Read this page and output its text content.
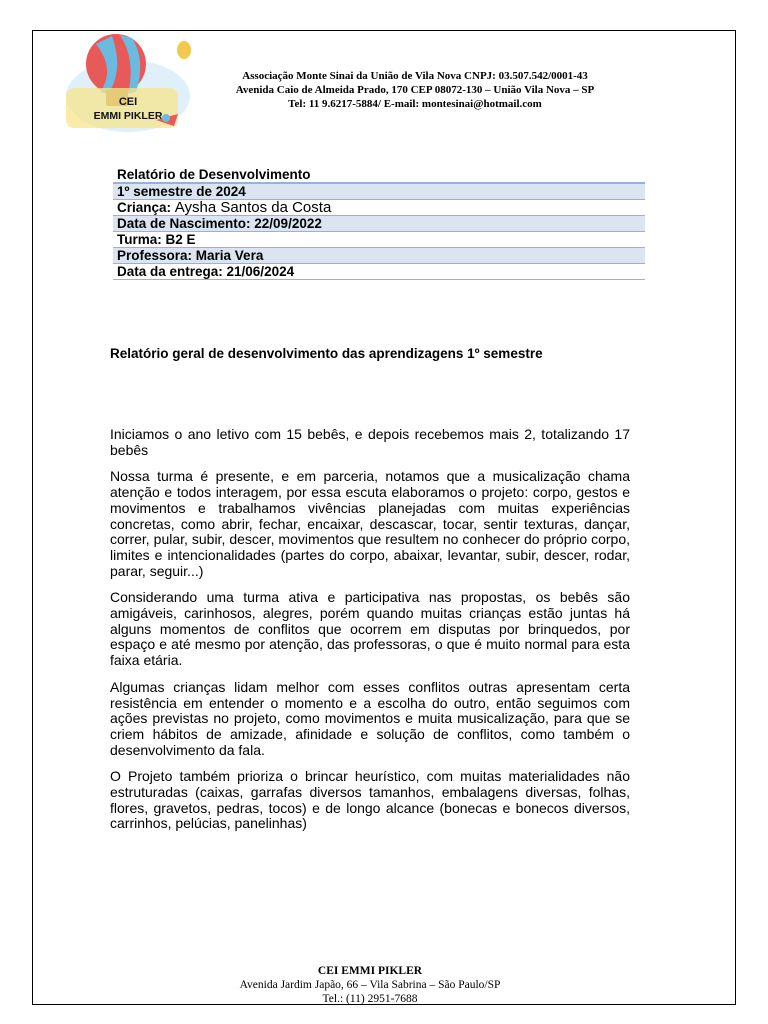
CEI
EMMI PIKLER
Associação Monte Sinai da União de Vila Nova CNPJ: 03.507.542/0001-43
Avenida Caio de Almeida Prado, 170 CEP 08072-130 – União Vila Nova – SP
Tel: 11 9.6217-5884/ E-mail: montesinai@hotmail.com
Relatório de Desenvolvimento
1º semestre de 2024
Criança: Aysha Santos da Costa
Data de Nascimento: 22/09/2022
Turma: B2 E
Professora: Maria Vera
Data da entrega: 21/06/2024
Relatório geral de desenvolvimento das aprendizagens 1º semestre

Iniciamos o ano letivo com 15 bebês, e depois recebemos mais 2, totalizando 17 bebês

Nossa turma é presente, e em parceria, notamos que a musicalização chama atenção e todos interagem, por essa escuta elaboramos o projeto: corpo, gestos e movimentos e trabalhamos vivências planejadas com muitas experiências concretas, como abrir, fechar, encaixar, descascar, tocar, sentir texturas, dançar, correr, pular, subir, descer, movimentos que resultem no conhecer do próprio corpo, limites e intencionalidades (partes do corpo, abaixar, levantar, subir, descer, rodar, parar, seguir...)

Considerando uma turma ativa e participativa nas propostas, os bebês são amigáveis, carinhosos, alegres, porém quando muitas crianças estão juntas há alguns momentos de conflitos que ocorrem em disputas por brinquedos, por espaço e até mesmo por atenção, das professoras, o que é muito normal para esta faixa etária.

Algumas crianças lidam melhor com esses conflitos outras apresentam certa resistência em entender o momento e a escolha do outro, então seguimos com ações previstas no projeto, como movimentos e muita musicalização, para que se criem hábitos de amizade, afinidade e solução de conflitos, como também o desenvolvimento da fala.

O Projeto também prioriza o brincar heurístico, com muitas materialidades não estruturadas (caixas, garrafas diversos tamanhos, embalagens diversas, folhas, flores, gravetos, pedras, tocos) e de longo alcance (bonecas e bonecos diversos, carrinhos, pelúcias, panelinhas)

CEI EMMI PIKLER
Avenida Jardim Japão, 66 – Vila Sabrina – São Paulo/SP
Tel.: (11) 2951-7688
